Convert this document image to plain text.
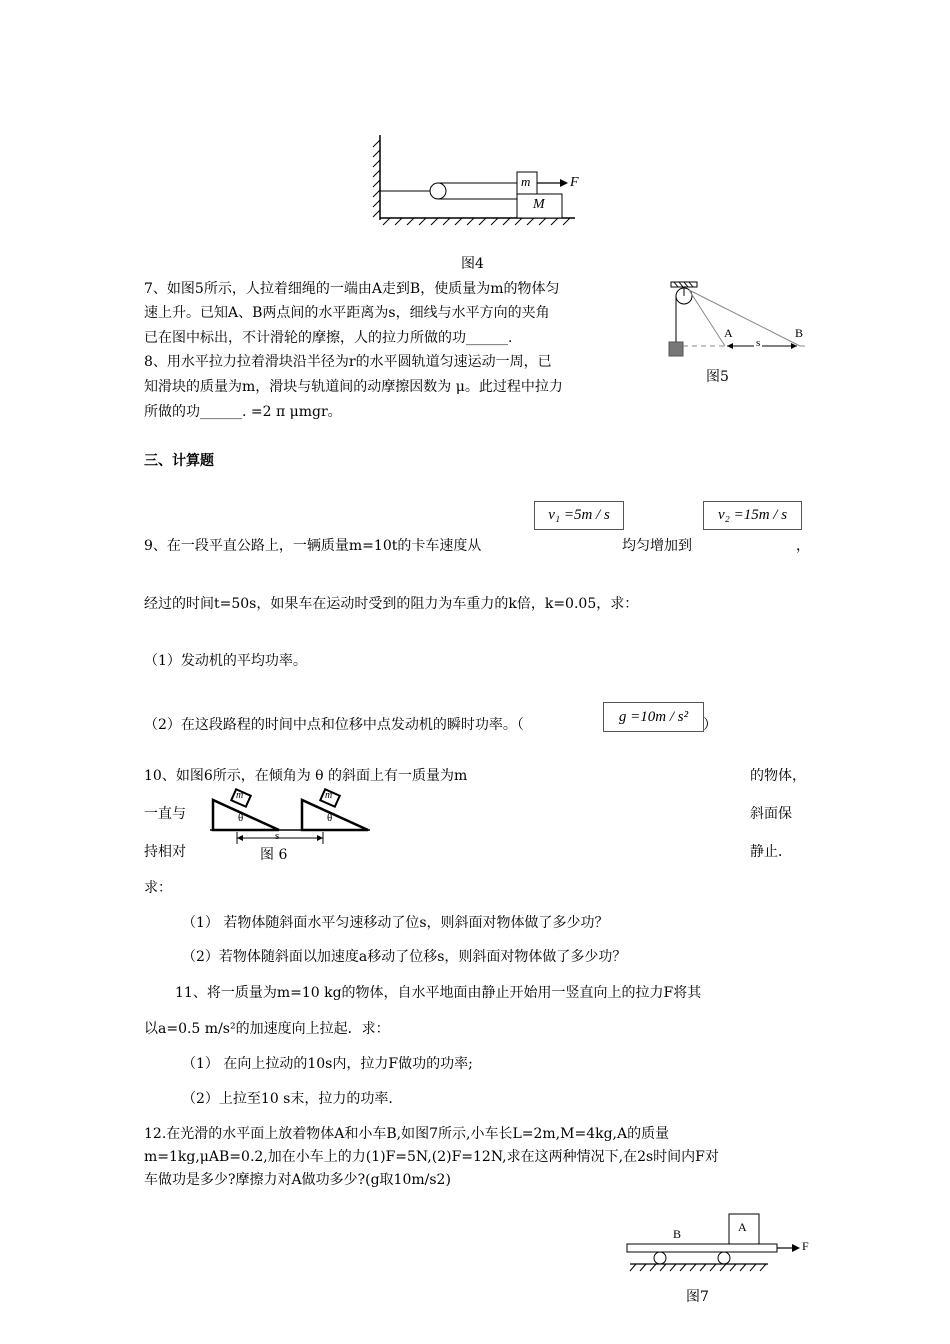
m	F
M
图4
7、如图5所示，人拉着细绳的一端由A走到B，使质量为m的物体匀
速上升。已知A、B两点间的水平距离为s，细线与水平方向的夹角
已在图中标出，不计滑轮的摩擦，人的拉力所做的功______.
8、用水平拉力拉着滑块沿半径为r的水平圆轨道匀速运动一周，已
知滑块的质量为m，滑块与轨道间的动摩擦因数为 μ。此过程中拉力
所做的功______. =2 π μmgr。
A	B
s
图5
三、计算题
v₁ =5m / s	v₂ =15m / s
9、在一段平直公路上，一辆质量m=10t的卡车速度从	均匀增加到	，
经过的时间t=50s，如果车在运动时受到的阻力为车重力的k倍，k=0.05，求：
（1）发动机的平均功率。
（2）在这段路程的时间中点和位移中点发动机的瞬时功率。（
g =10m / s²
）
10、如图6所示，在倾角为 θ 的斜面上有一质量为m	的物体，
一直与	斜面保
持相对	静止．
求：
m	m
θ	θ
s
图 6
（1） 若物体随斜面水平匀速移动了位s，则斜面对物体做了多少功？
（2）若物体随斜面以加速度a移动了位移s，则斜面对物体做了多少功？
11、将一质量为m=10 kg的物体，自水平地面由静止开始用一竖直向上的拉力F将其
以a=0.5 m/s²的加速度向上拉起．求：
（1） 在向上拉动的10s内，拉力F做功的功率;
（2）上拉至10 s末，拉力的功率.
12.在光滑的水平面上放着物体A和小车B,如图7所示,小车长L=2m,M=4kg,A的质量
m=1kg,μAB=0.2,加在小车上的力(1)F=5N,(2)F=12N,求在这两种情况下,在2s时间内F对
车做功是多少?摩擦力对A做功多少?(g取10m/s2)
A
B
F
图7
